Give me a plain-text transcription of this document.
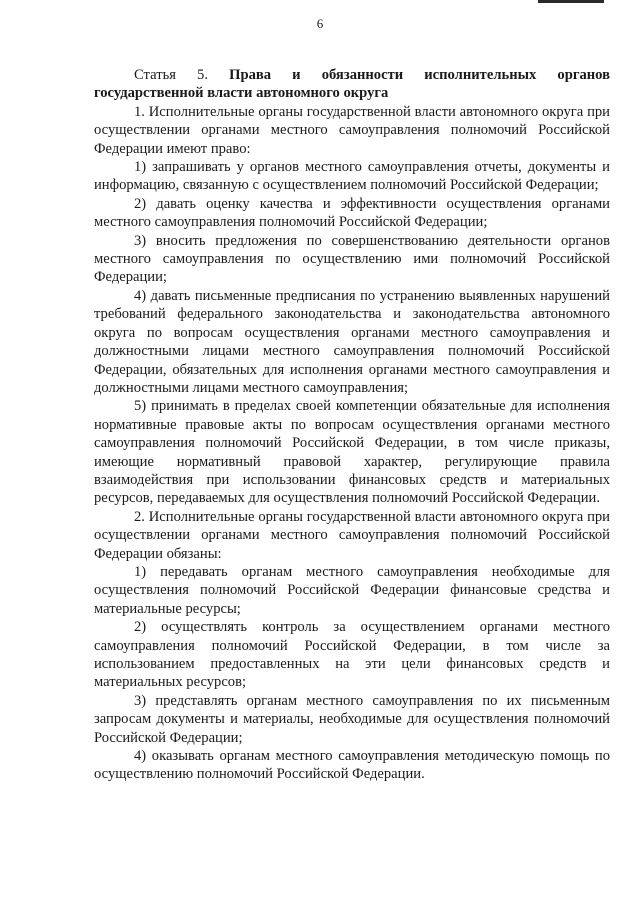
6

Статья 5. Права и обязанности исполнительных органов государственной власти автономного округа

1. Исполнительные органы государственной власти автономного округа при осуществлении органами местного самоуправления полномочий Российской Федерации имеют право:

1) запрашивать у органов местного самоуправления отчеты, документы и информацию, связанную с осуществлением полномочий Российской Федерации;

2) давать оценку качества и эффективности осуществления органами местного самоуправления полномочий Российской Федерации;

3) вносить предложения по совершенствованию деятельности органов местного самоуправления по осуществлению ими полномочий Российской Федерации;

4) давать письменные предписания по устранению выявленных нарушений требований федерального законодательства и законодательства автономного округа по вопросам осуществления органами местного самоуправления и должностными лицами местного самоуправления полномочий Российской Федерации, обязательных для исполнения органами местного самоуправления и должностными лицами местного самоуправления;

5) принимать в пределах своей компетенции обязательные для исполнения нормативные правовые акты по вопросам осуществления органами местного самоуправления полномочий Российской Федерации, в том числе приказы, имеющие нормативный правовой характер, регулирующие правила взаимодействия при использовании финансовых средств и материальных ресурсов, передаваемых для осуществления полномочий Российской Федерации.

2. Исполнительные органы государственной власти автономного округа при осуществлении органами местного самоуправления полномочий Российской Федерации обязаны:

1) передавать органам местного самоуправления необходимые для осуществления полномочий Российской Федерации финансовые средства и материальные ресурсы;

2) осуществлять контроль за осуществлением органами местного самоуправления полномочий Российской Федерации, в том числе за использованием предоставленных на эти цели финансовых средств и материальных ресурсов;

3) представлять органам местного самоуправления по их письменным запросам документы и материалы, необходимые для осуществления полномочий Российской Федерации;

4) оказывать органам местного самоуправления методическую помощь по осуществлению полномочий Российской Федерации.
